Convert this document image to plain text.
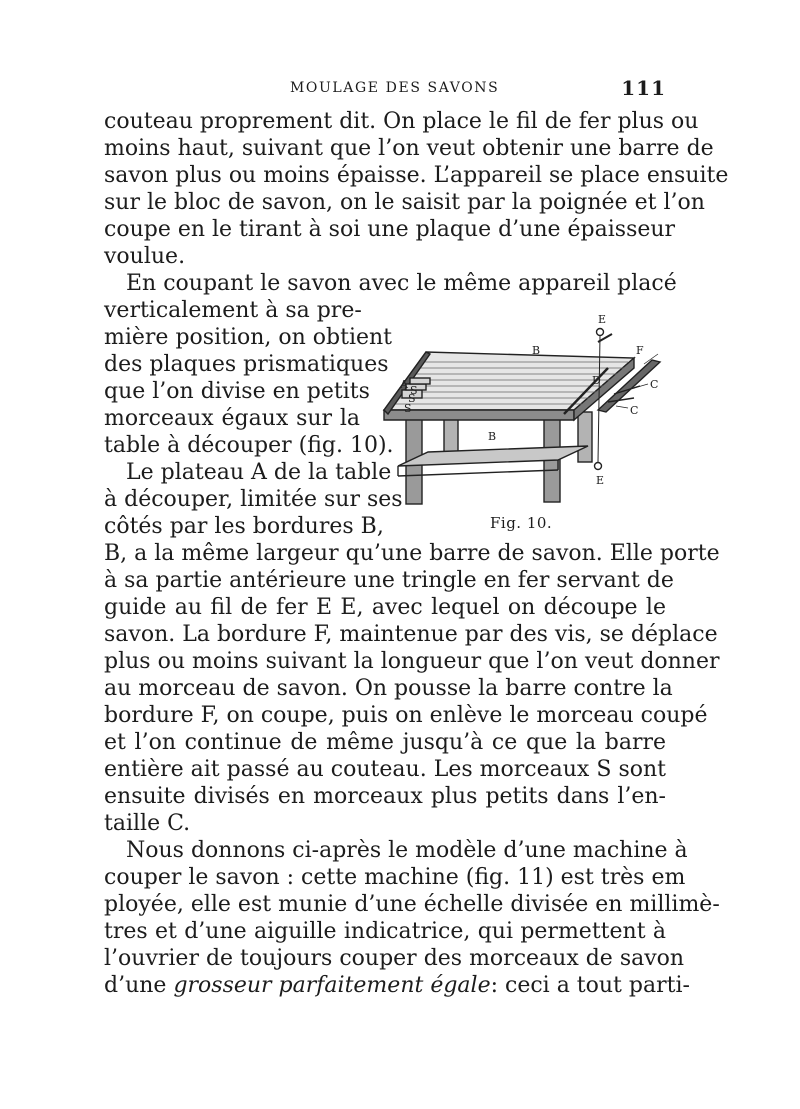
MOULAGE DES SAVONS	111
couteau proprement dit. On place le fil de fer plus ou
moins haut, suivant que l’on veut obtenir une barre de
savon plus ou moins épaisse. L’appareil se place ensuite
sur le bloc de savon, on le saisit par la poignée et l’on
coupe en le tirant à soi une plaque d’une épaisseur
voulue.
En coupant le savon avec le même appareil placé
verticalement à sa pre-
mière position, on obtient
des plaques prismatiques
que l’on divise en petits
morceaux égaux sur la
table à découper (fig. 10).
Le plateau A de la table
à découper, limitée sur ses
côtés par les bordures B,
B, a la même largeur qu’une barre de savon. Elle porte
à sa partie antérieure une tringle en fer servant de
guide au fil de fer E E, avec lequel on découpe le
savon. La bordure F, maintenue par des vis, se déplace
plus ou moins suivant la longueur que l’on veut donner
au morceau de savon. On pousse la barre contre la
bordure F, on coupe, puis on enlève le morceau coupé
et l’on continue de même jusqu’à ce que la barre
entière ait passé au couteau. Les morceaux S sont
ensuite divisés en morceaux plus petits dans l’en-
taille C.
Nous donnons ci-après le modèle d’une machine à
couper le savon : cette machine (fig. 11) est très em
ployée, elle est munie d’une échelle divisée en millimè-
tres et d’une aiguille indicatrice, qui permettent à
l’ouvrier de toujours couper des morceaux de savon
d’une grosseur parfaitement égale: ceci a tout parti-
A S
S
S
B
B
E
E
F
C
C
D
Fig. 10.
